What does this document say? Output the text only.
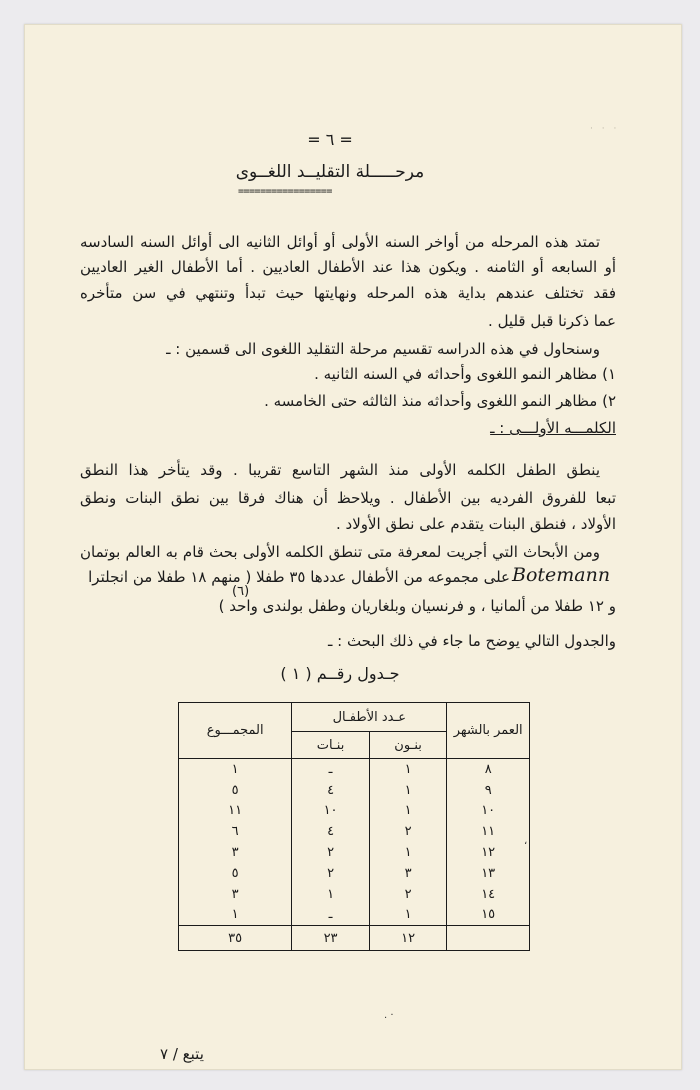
· · ·
= ٦ =
مرحـــــلة التقليــد اللغــوى
=================
تمتد هذه المرحله من أواخر السنه الأولى أو أوائل الثانيه الى أوائل السنه السادسه
أو السابعه أو الثامنه . ويكون هذا عند الأطفال العاديين . أما الأطفال الغير العاديين
فقد تختلف عندهم بداية هذه المرحله ونهايتها حيث تبدأ وتنتهي في سن متأخره
عما ذكرنا قبل قليل .
وسنحاول في هذه الدراسه تقسيم مرحلة التقليد اللغوى الى قسمين : ـ
١) مظاهر النمو اللغوى وأحداثه في السنه الثانيه .
٢) مظاهر النمو اللغوى وأحداثه منذ الثالثه حتى الخامسه .
الكلمـــه الأولـــى : ـ
ينطق الطفل الكلمه الأولى منذ الشهر التاسع تقريبا . وقد يتأخر هذا النطق
تبعا للفروق الفرديه بين الأطفال . ويلاحظ أن هناك فرقا بين نطق البنات ونطق
الأولاد ، فنطق البنات يتقدم على نطق الأولاد .
ومن الأبحاث التي أجريت لمعرفة متى تنطق الكلمه الأولى بحث قام به العالم بوتمان
Botemann
على مجموعه من الأطفال عددها ٣٥ طفلا ( منهم ١٨ طفلا من انجلترا
و ١٢ طفلا من ألمانيا ، و فرنسيان وبلغاريان وطفل بولندى واحد )
(٦)
والجدول التالي يوضح ما جاء في ذلك البحث : ـ
جـدول رقــم ( ١ )
العمر بالشهر	عـدد الأطفـال		المجمـــوع
	بنـون	بنـات	
٨	١	ـ	١
٩	١	٤	٥
١٠	١	١٠	١١
١١	٢	٤	٦
١٢	١	٢	٣
١٣	٣	٢	٥
١٤	٢	١	٣
١٥	١	ـ	١
	١٢	٢٣	٣٥
،
. ·
يتبع / ٧
